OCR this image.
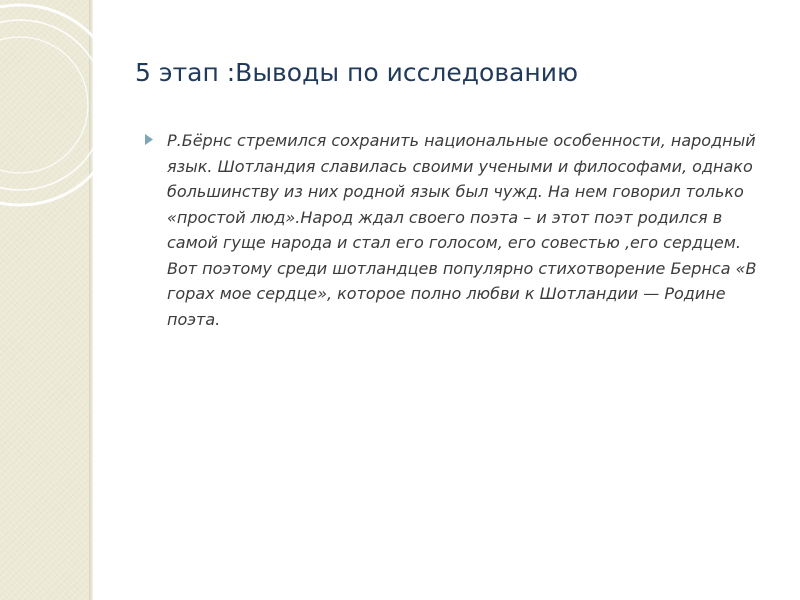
5 этап :Выводы по исследованию

Р.Бёрнс стремился сохранить национальные особенности, народный язык. Шотландия славилась своими учеными и философами, однако большинству из них родной язык был чужд. На нем говорил только «простой люд».Народ ждал своего поэта – и этот поэт родился в самой гуще народа и стал его голосом, его совестью ,его сердцем. Вот поэтому среди шотландцев популярно стихотворение Бернса «В горах мое сердце», которое полно любви к Шотландии — Родине поэта.
